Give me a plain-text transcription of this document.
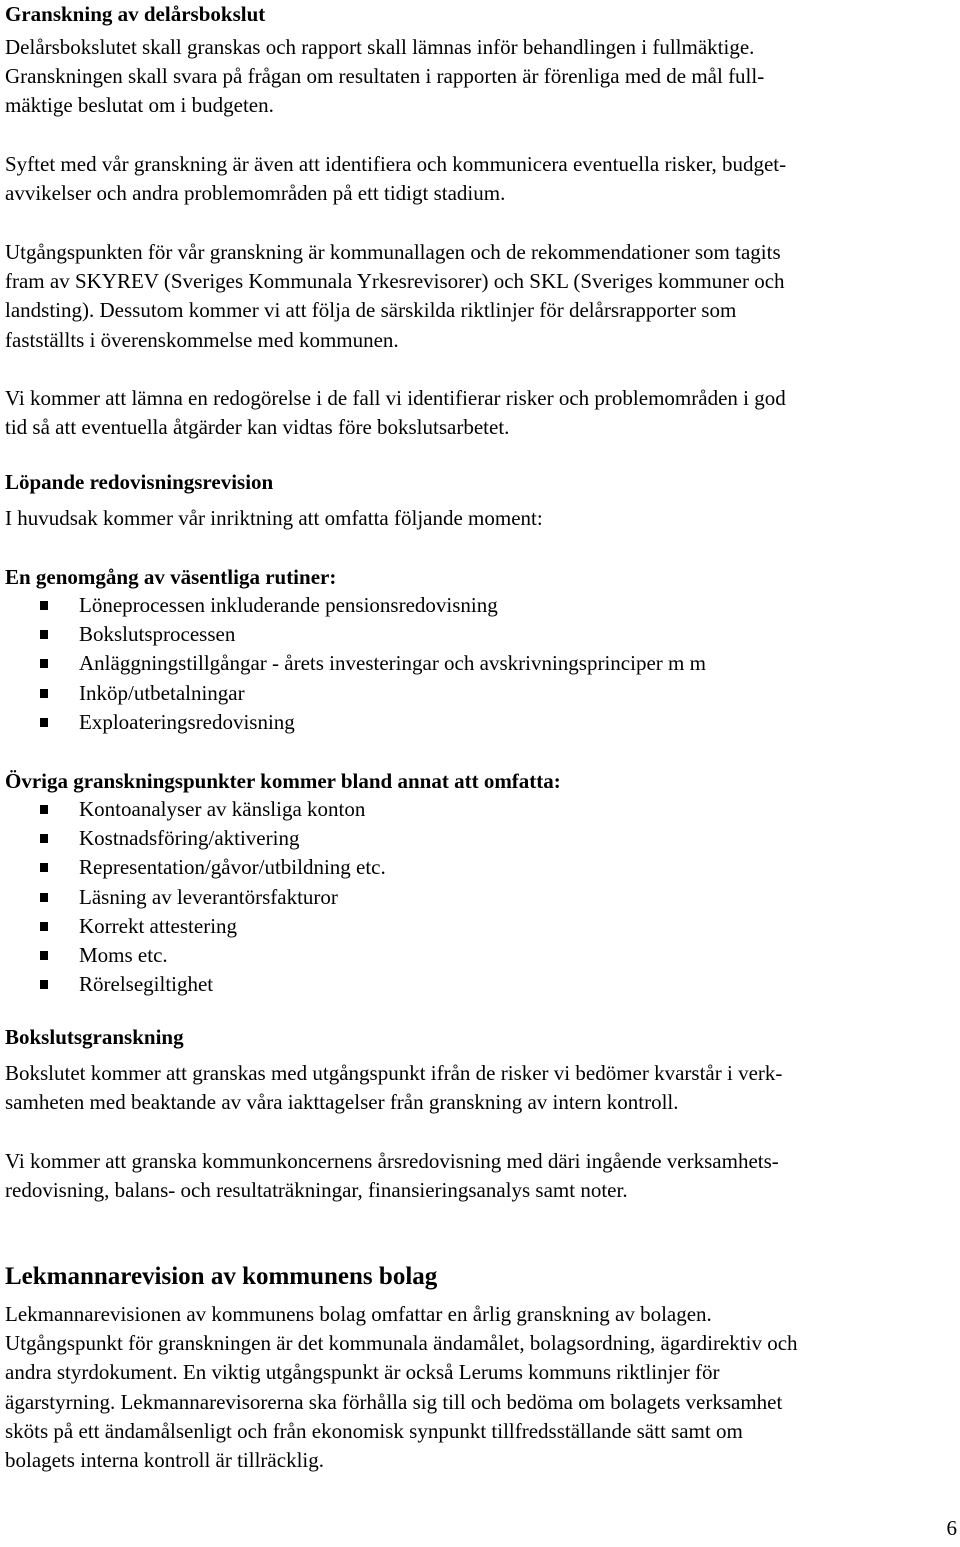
Granskning av delårsbokslut

Delårsbokslutet skall granskas och rapport skall lämnas inför behandlingen i fullmäktige.
Granskningen skall svara på frågan om resultaten i rapporten är förenliga med de mål full-
mäktige beslutat om i budgeten.

Syftet med vår granskning är även att identifiera och kommunicera eventuella risker, budget-
avvikelser och andra problemområden på ett tidigt stadium.

Utgångspunkten för vår granskning är kommunallagen och de rekommendationer som tagits
fram av SKYREV (Sveriges Kommunala Yrkesrevisorer) och SKL (Sveriges kommuner och
landsting). Dessutom kommer vi att följa de särskilda riktlinjer för delårsrapporter som
fastställts i överenskommelse med kommunen.

Vi kommer att lämna en redogörelse i de fall vi identifierar risker och problemområden i god
tid så att eventuella åtgärder kan vidtas före bokslutsarbetet.

Löpande redovisningsrevision

I huvudsak kommer vår inriktning att omfatta följande moment:

En genomgång av väsentliga rutiner:
Löneprocessen inkluderande pensionsredovisning
Bokslutsprocessen
Anläggningstillgångar - årets investeringar och avskrivningsprinciper m m
Inköp/utbetalningar
Exploateringsredovisning
Övriga granskningspunkter kommer bland annat att omfatta:
Kontoanalyser av känsliga konton
Kostnadsföring/aktivering
Representation/gåvor/utbildning etc.
Läsning av leverantörsfakturor
Korrekt attestering
Moms etc.
Rörelsegiltighet
Bokslutsgranskning

Bokslutet kommer att granskas med utgångspunkt ifrån de risker vi bedömer kvarstår i verk-
samheten med beaktande av våra iakttagelser från granskning av intern kontroll.

Vi kommer att granska kommunkoncernens årsredovisning med däri ingående verksamhets-
redovisning, balans- och resultaträkningar, finansieringsanalys samt noter.

Lekmannarevision av kommunens bolag

Lekmannarevisionen av kommunens bolag omfattar en årlig granskning av bolagen.
Utgångspunkt för granskningen är det kommunala ändamålet, bolagsordning, ägardirektiv och
andra styrdokument. En viktig utgångspunkt är också Lerums kommuns riktlinjer för
ägarstyrning. Lekmannarevisorerna ska förhålla sig till och bedöma om bolagets verksamhet
sköts på ett ändamålsenligt och från ekonomisk synpunkt tillfredsställande sätt samt om
bolagets interna kontroll är tillräcklig.

6
